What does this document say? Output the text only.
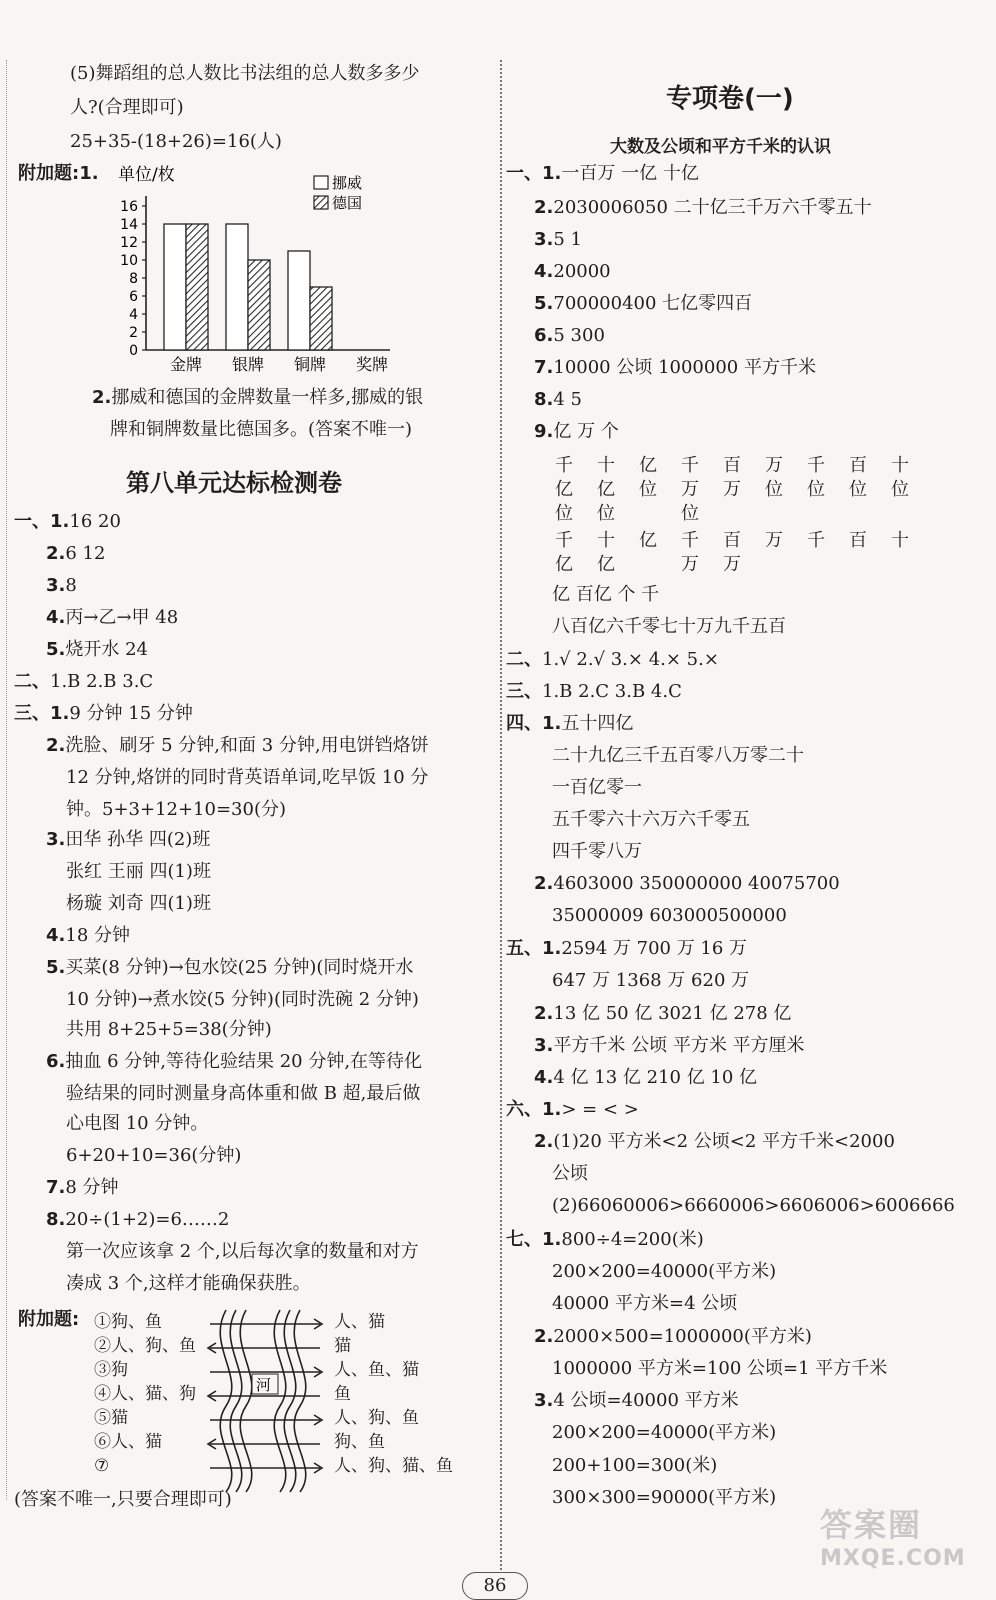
(5)舞蹈组的总人数比书法组的总人数多多少
人?(合理即可)
25+35-(18+26)=16(人)
附加题:1. 单位/枚
0
2
4
6
8
10
12
14
16
金牌 银牌 铜牌 奖牌
挪威
德国
2.挪威和德国的金牌数量一样多,挪威的银
牌和铜牌数量比德国多。(答案不唯一)
第八单元达标检测卷
一、1.16 20
2.6 12
3.8
4.丙→乙→甲 48
5.烧开水 24
二、1.B 2.B 3.C
三、1.9 分钟 15 分钟
2.洗脸、刷牙 5 分钟,和面 3 分钟,用电饼铛烙饼
12 分钟,烙饼的同时背英语单词,吃早饭 10 分
钟。5+3+12+10=30(分)
3.田华 孙华 四(2)班
张红 王丽 四(1)班
杨璇 刘奇 四(1)班
4.18 分钟
5.买菜(8 分钟)→包水饺(25 分钟)(同时烧开水
10 分钟)→煮水饺(5 分钟)(同时洗碗 2 分钟)
共用 8+25+5=38(分钟)
6.抽血 6 分钟,等待化验结果 20 分钟,在等待化
验结果的同时测量身高体重和做 B 超,最后做
心电图 10 分钟。
6+20+10=36(分钟)
7.8 分钟
8.20÷(1+2)=6……2
第一次应该拿 2 个,以后每次拿的数量和对方
凑成 3 个,这样才能确保获胜。
附加题: ①狗、鱼
②人、狗、鱼
③狗
④人、猫、狗
⑤猫
⑥人、猫
⑦
河
人、猫
猫
人、鱼、猫
鱼
人、狗、鱼
狗、鱼
人、狗、猫、鱼
(答案不唯一,只要合理即可)
专项卷(一)
大数及公顷和平方千米的认识
一、1.一百万 一亿 十亿
2.2030006050 二十亿三千万六千零五十
3.5 1
4.20000
5.700000400 七亿零四百
6.5 300
7.10000 公顷 1000000 平方千米
8.4 5
9.亿 万 个
千
亿
位
十
亿
位
亿
位

千
万
位
百
万

万
位

千
位

百
位

十
位

千
亿
十
亿
亿
千
万
百
万
万
千
百
十

亿 百亿 个 千
八百亿六千零七十万九千五百
二、1.√ 2.√ 3.× 4.× 5.×
三、1.B 2.C 3.B 4.C
四、1.五十四亿
二十九亿三千五百零八万零二十
一百亿零一
五千零六十六万六千零五
四千零八万
2.4603000 350000000 40075700
35000009 603000500000
五、1.2594 万 700 万 16 万
647 万 1368 万 620 万
2.13 亿 50 亿 3021 亿 278 亿
3.平方千米 公顷 平方米 平方厘米
4.4 亿 13 亿 210 亿 10 亿
六、1.> = < >
2.(1)20 平方米<2 公顷<2 平方千米<2000
公顷
(2)66060006>6660006>6606006>6006666
七、1.800÷4=200(米)
200×200=40000(平方米)
40000 平方米=4 公顷
2.2000×500=1000000(平方米)
1000000 平方米=100 公顷=1 平方千米
3.4 公顷=40000 平方米
200×200=40000(平方米)
200+100=300(米)
300×300=90000(平方米)
86
答案圈
MXQE.COM
